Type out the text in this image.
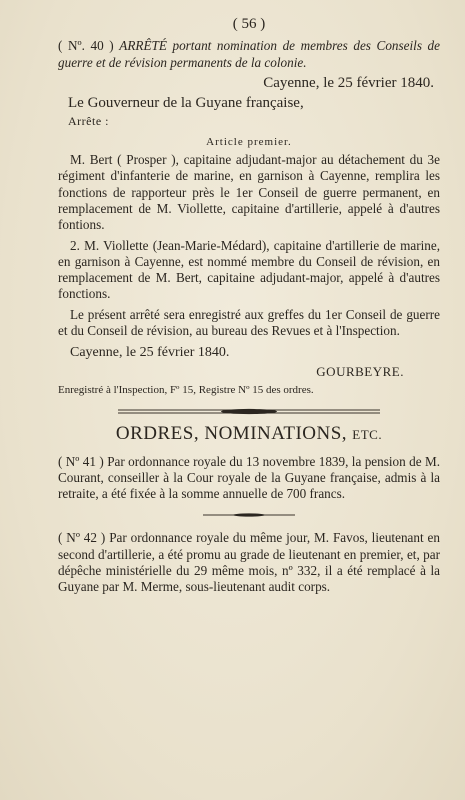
( 56 )

( Nº. 40 ) ARRÊTÉ portant nomination de membres des Conseils de guerre et de révision permanents de la colonie.

Cayenne, le 25 février 1840.
Le Gouverneur de la Guyane française,
Arrête :
Article premier.

M. Bert ( Prosper ), capitaine adjudant-major au détachement du 3e régiment d'infanterie de marine, en garnison à Cayenne, remplira les fonctions de rapporteur près le 1er Conseil de guerre permanent, en remplacement de M. Viollette, capitaine d'artillerie, appelé à d'autres fontions.

2. M. Viollette (Jean-Marie-Médard), capitaine d'artillerie de marine, en garnison à Cayenne, est nommé membre du Conseil de révision, en remplacement de M. Bert, capitaine adjudant-major, appelé à d'autres fonctions.

Le présent arrêté sera enregistré aux greffes du 1er Conseil de guerre et du Conseil de révision, au bureau des Revues et à l'Inspection.

Cayenne, le 25 février 1840.
GOURBEYRE.
Enregistré à l'Inspection, Fº 15, Registre Nº 15 des ordres.
ORDRES, NOMINATIONS, ETC.

( Nº 41 ) Par ordonnance royale du 13 novembre 1839, la pension de M. Courant, conseiller à la Cour royale de la Guyane française, admis à la retraite, a été fixée à la somme annuelle de 700 francs.

( Nº 42 ) Par ordonnance royale du même jour, M. Favos, lieutenant en second d'artillerie, a été promu au grade de lieutenant en premier, et, par dépêche ministérielle du 29 même mois, nº 332, il a été remplacé à la Guyane par M. Merme, sous-lieutenant audit corps.
